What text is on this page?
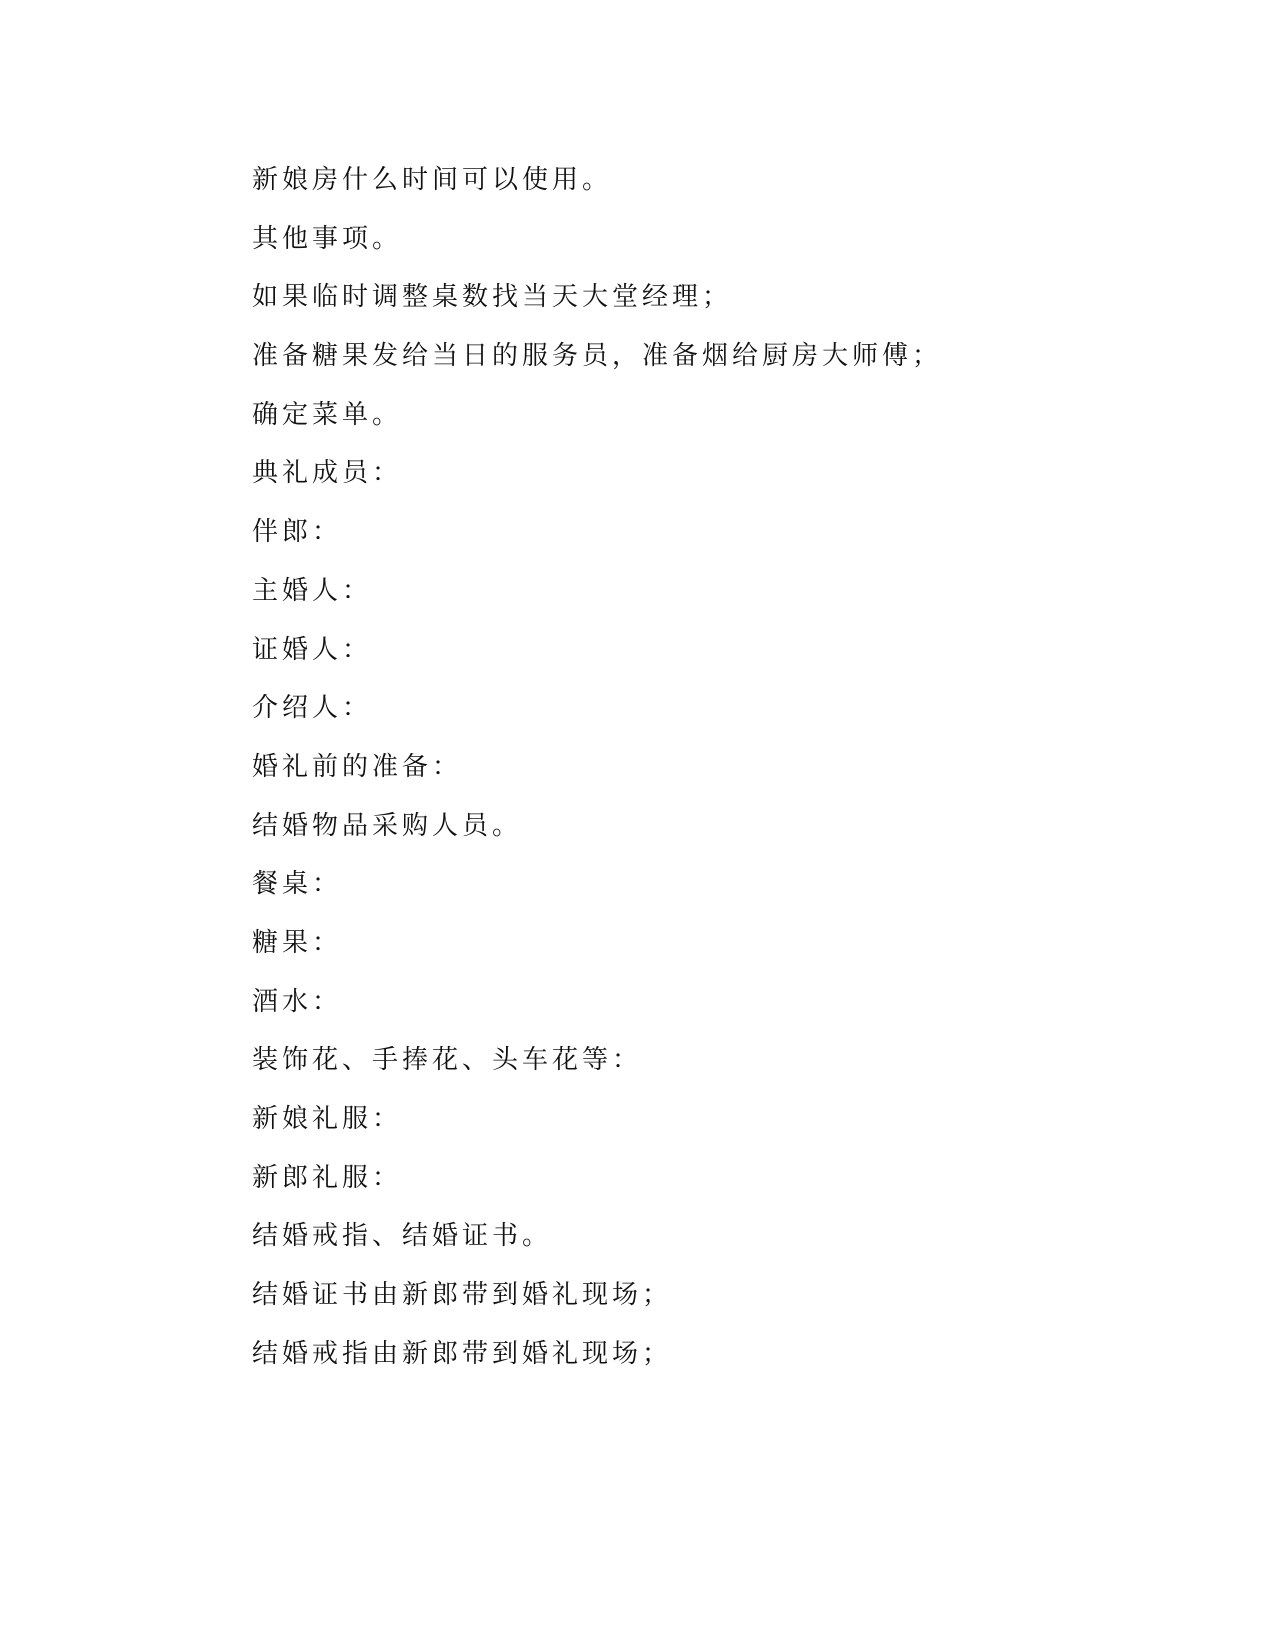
新娘房什么时间可以使用。

其他事项。

如果临时调整桌数找当天大堂经理；

准备糖果发给当日的服务员，准备烟给厨房大师傅；

确定菜单。

典礼成员：

伴郎：

主婚人：

证婚人：

介绍人：

婚礼前的准备：

结婚物品采购人员。

餐桌：

糖果：

酒水：

装饰花、手捧花、头车花等：

新娘礼服：

新郎礼服：

结婚戒指、结婚证书。

结婚证书由新郎带到婚礼现场；

结婚戒指由新郎带到婚礼现场；
